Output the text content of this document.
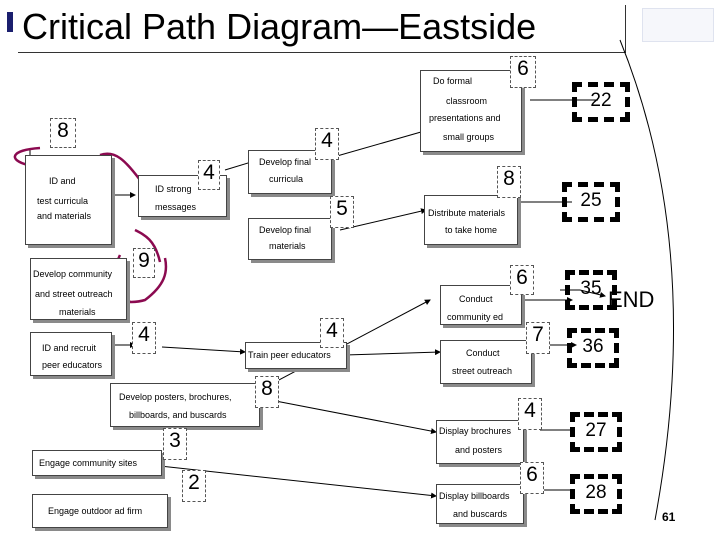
Critical Path Diagram—Eastside
8
ID and
test curricula
and materials
ID strong
messages
4
Develop community
and street outreach
materials
9
ID and recruit
peer educators
4
Develop final
curricula
4
Develop final
materials
5
Train peer educators
4
Develop posters, brochures,
billboards, and buscards
8
Engage community sites
3
Engage outdoor ad firm
2
Do formal
classroom
presentations and
small groups
6
Distribute materials
to take home
8
Conduct
community ed
6
Conduct
street outreach
7
Display brochures
and posters
4
Display billboards
and buscards
6
22
25
35
36
27
28
END
61
